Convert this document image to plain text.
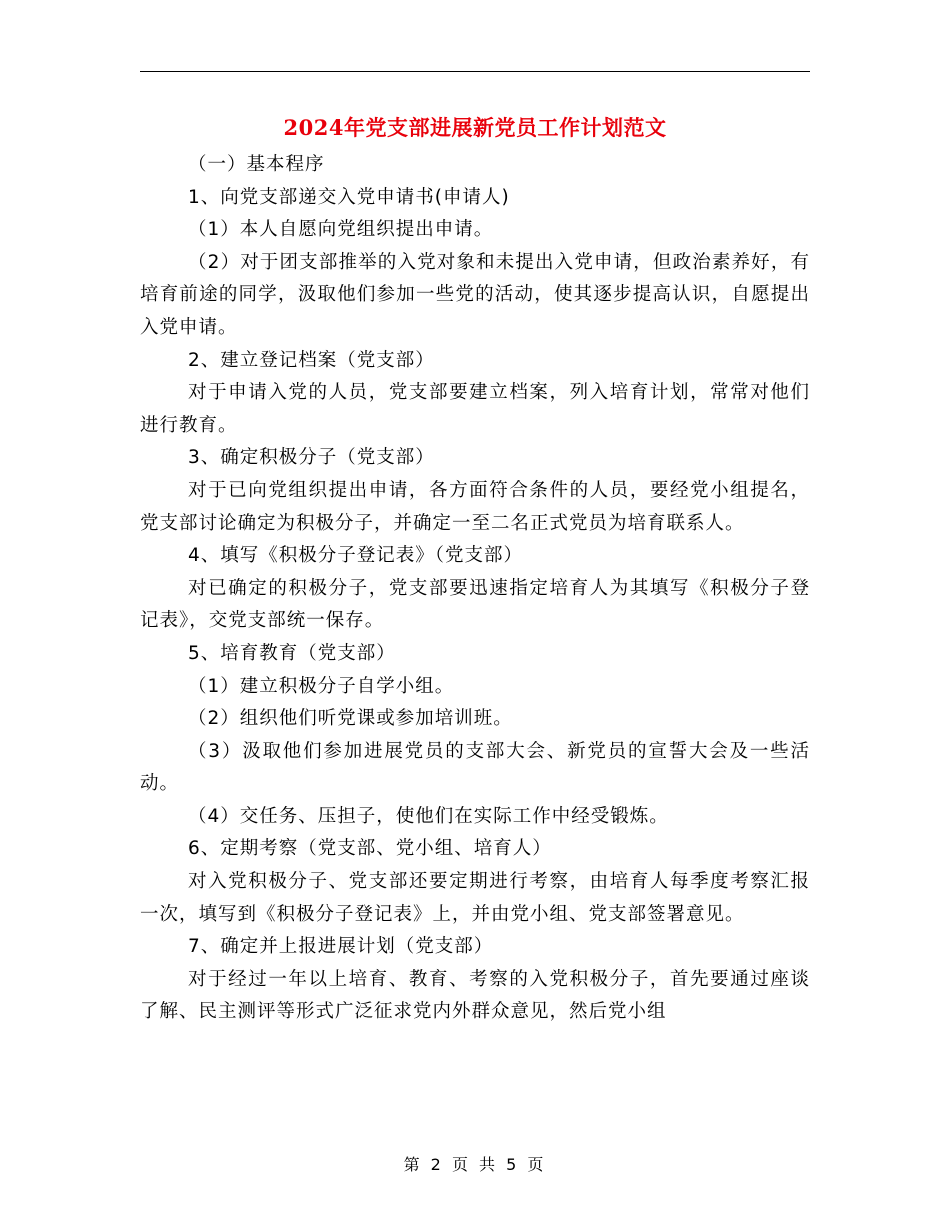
2024年党支部进展新党员工作计划范文

（一）基本程序

1、向党支部递交入党申请书(申请人)

（1）本人自愿向党组织提出申请。

（2）对于团支部推举的入党对象和未提出入党申请，但政治素养好，有培育前途的同学，汲取他们参加一些党的活动，使其逐步提高认识，自愿提出入党申请。

2、建立登记档案（党支部）

对于申请入党的人员，党支部要建立档案，列入培育计划，常常对他们进行教育。

3、确定积极分子（党支部）

对于已向党组织提出申请，各方面符合条件的人员，要经党小组提名，党支部讨论确定为积极分子，并确定一至二名正式党员为培育联系人。

4、填写《积极分子登记表》（党支部）

对已确定的积极分子，党支部要迅速指定培育人为其填写《积极分子登记表》，交党支部统一保存。

5、培育教育（党支部）

（1）建立积极分子自学小组。

（2）组织他们听党课或参加培训班。

（3）汲取他们参加进展党员的支部大会、新党员的宣誓大会及一些活动。

（4）交任务、压担子，使他们在实际工作中经受锻炼。

6、定期考察（党支部、党小组、培育人）

对入党积极分子、党支部还要定期进行考察，由培育人每季度考察汇报一次，填写到《积极分子登记表》上，并由党小组、党支部签署意见。

7、确定并上报进展计划（党支部）

对于经过一年以上培育、教育、考察的入党积极分子，首先要通过座谈了解、民主测评等形式广泛征求党内外群众意见，然后党小组

第 2 页 共 5 页
